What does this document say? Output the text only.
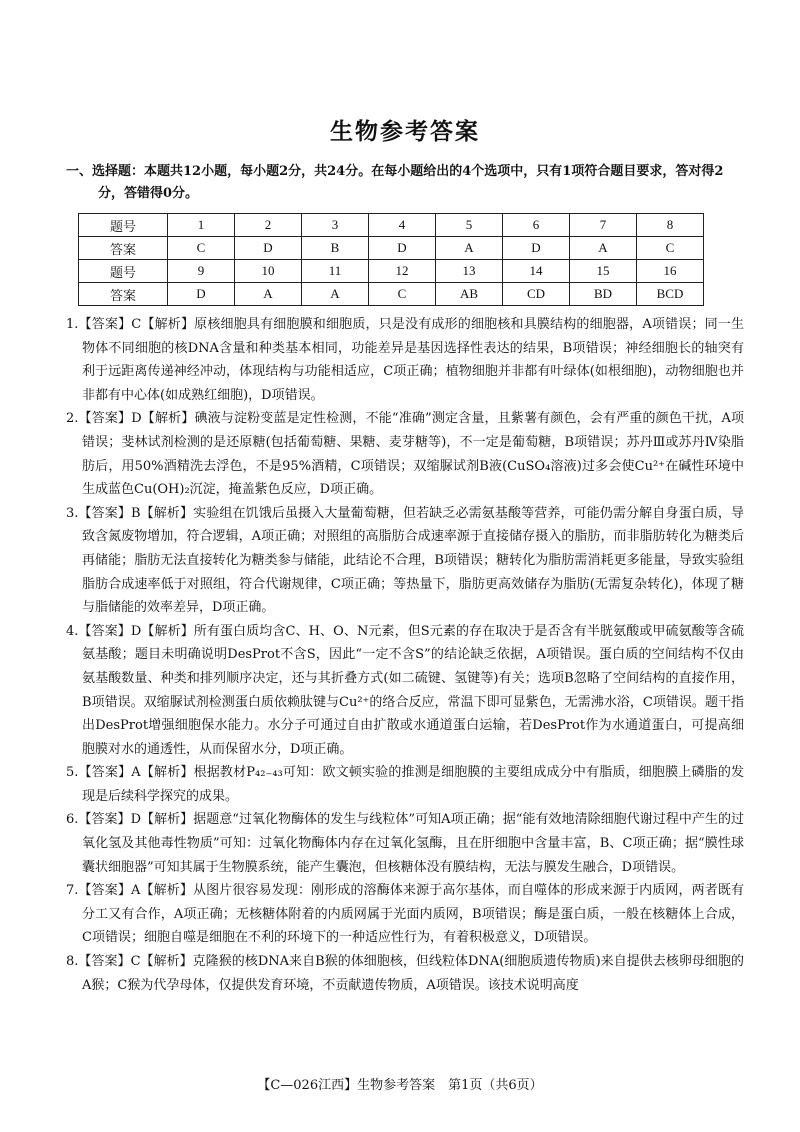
生物参考答案
一、选择题：本题共12小题，每小题2分，共24分。在每小题给出的4个选项中，只有1项符合题目要求，答对得2分，答错得0分。
题号	1	2	3	4	5	6	7	8
答案	C	D	B	D	A	D	A	C
题号	9	10	11	12	13	14	15	16
答案	D	A	A	C	AB	CD	BD	BCD
1.【答案】C【解析】原核细胞具有细胞膜和细胞质，只是没有成形的细胞核和具膜结构的细胞器，A项错误；同一生物体不同细胞的核DNA含量和种类基本相同，功能差异是基因选择性表达的结果，B项错误；神经细胞长的轴突有利于远距离传递神经冲动，体现结构与功能相适应，C项正确；植物细胞并非都有叶绿体(如根细胞)，动物细胞也并非都有中心体(如成熟红细胞)，D项错误。
2.【答案】D【解析】碘液与淀粉变蓝是定性检测，不能“准确”测定含量，且紫薯有颜色，会有严重的颜色干扰，A项错误；斐林试剂检测的是还原糖(包括葡萄糖、果糖、麦芽糖等)，不一定是葡萄糖，B项错误；苏丹Ⅲ或苏丹Ⅳ染脂肪后，用50%酒精洗去浮色，不是95%酒精，C项错误；双缩脲试剂B液(CuSO₄溶液)过多会使Cu²⁺在碱性环境中生成蓝色Cu(OH)₂沉淀，掩盖紫色反应，D项正确。
3.【答案】B【解析】实验组在饥饿后虽摄入大量葡萄糖，但若缺乏必需氨基酸等营养，可能仍需分解自身蛋白质，导致含氮废物增加，符合逻辑，A项正确；对照组的高脂肪合成速率源于直接储存摄入的脂肪，而非脂肪转化为糖类后再储能；脂肪无法直接转化为糖类参与储能，此结论不合理，B项错误；糖转化为脂肪需消耗更多能量，导致实验组脂肪合成速率低于对照组，符合代谢规律，C项正确；等热量下，脂肪更高效储存为脂肪(无需复杂转化)，体现了糖与脂储能的效率差异，D项正确。
4.【答案】D【解析】所有蛋白质均含C、H、O、N元素，但S元素的存在取决于是否含有半胱氨酸或甲硫氨酸等含硫氨基酸；题目未明确说明DesProt不含S，因此“一定不含S”的结论缺乏依据，A项错误。蛋白质的空间结构不仅由氨基酸数量、种类和排列顺序决定，还与其折叠方式(如二硫键、氢键等)有关；选项B忽略了空间结构的直接作用，B项错误。双缩脲试剂检测蛋白质依赖肽键与Cu²⁺的络合反应，常温下即可显紫色，无需沸水浴，C项错误。题干指出DesProt增强细胞保水能力。水分子可通过自由扩散或水通道蛋白运输，若DesProt作为水通道蛋白，可提高细胞膜对水的通透性，从而保留水分，D项正确。
5.【答案】A【解析】根据教材P₄₂₋₄₃可知：欧文顿实验的推测是细胞膜的主要组成成分中有脂质，细胞膜上磷脂的发现是后续科学探究的成果。
6.【答案】D【解析】据题意“过氧化物酶体的发生与线粒体”可知A项正确；据“能有效地清除细胞代谢过程中产生的过氧化氢及其他毒性物质”可知：过氧化物酶体内存在过氧化氢酶，且在肝细胞中含量丰富，B、C项正确；据“膜性球囊状细胞器”可知其属于生物膜系统，能产生囊泡，但核糖体没有膜结构，无法与膜发生融合，D项错误。
7.【答案】A【解析】从图片很容易发现：刚形成的溶酶体来源于高尔基体，而自噬体的形成来源于内质网，两者既有分工又有合作，A项正确；无核糖体附着的内质网属于光面内质网，B项错误；酶是蛋白质，一般在核糖体上合成，C项错误；细胞自噬是细胞在不利的环境下的一种适应性行为，有着积极意义，D项错误。
8.【答案】C【解析】克隆猴的核DNA来自B猴的体细胞核，但线粒体DNA(细胞质遗传物质)来自提供去核卵母细胞的A猴；C猴为代孕母体，仅提供发育环境，不贡献遗传物质，A项错误。该技术说明高度
【C—026江西】生物参考答案　第1页（共6页）
